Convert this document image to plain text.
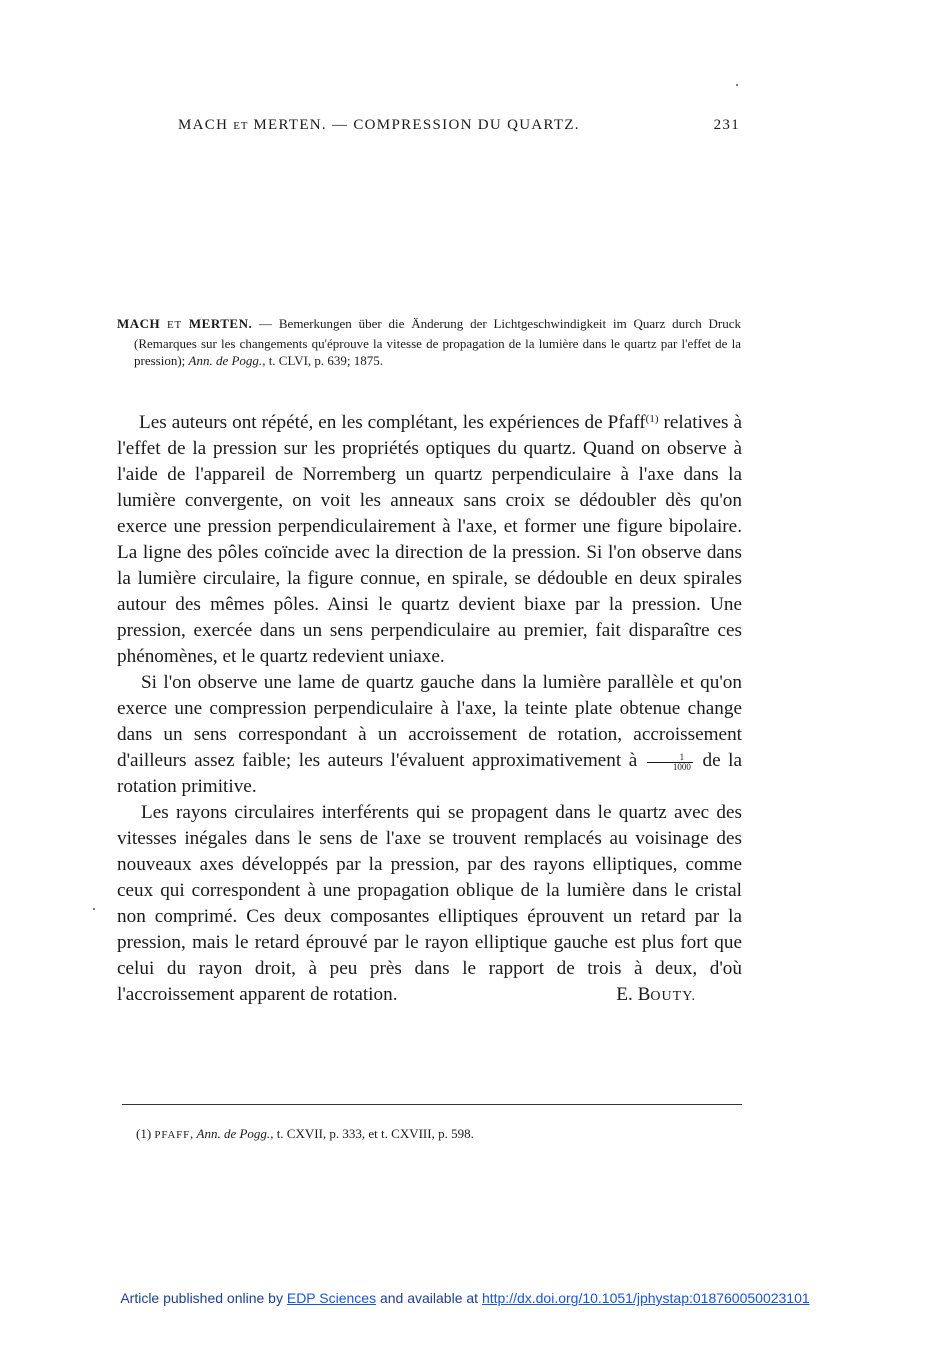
MACH ET MERTEN. — COMPRESSION DU QUARTZ.	231
MACH ET MERTEN. — Bemerkungen über die Änderung der Lichtgeschwindigkeit im Quarz durch Druck (Remarques sur les changements qu'éprouve la vitesse de propagation de la lumière dans le quartz par l'effet de la pression); Ann. de Pogg., t. CLVI, p. 639; 1875.

Les auteurs ont répété, en les complétant, les expériences de Pfaff$^{(1)}$ relatives à l'effet de la pression sur les propriétés optiques du quartz. Quand on observe à l'aide de l'appareil de Norremberg un quartz perpendiculaire à l'axe dans la lumière convergente, on voit les anneaux sans croix se dédoubler dès qu'on exerce une pression perpendiculairement à l'axe, et former une figure bipolaire. La ligne des pôles coïncide avec la direction de la pression. Si l'on observe dans la lumière circulaire, la figure connue, en spirale, se dédouble en deux spirales autour des mêmes pôles. Ainsi le quartz devient biaxe par la pression. Une pression, exercée dans un sens perpendiculaire au premier, fait disparaître ces phénomènes, et le quartz redevient uniaxe.

Si l'on observe une lame de quartz gauche dans la lumière parallèle et qu'on exerce une compression perpendiculaire à l'axe, la teinte plate obtenue change dans un sens correspondant à un accroissement de rotation, accroissement d'ailleurs assez faible; les auteurs l'évaluent approximativement à $\frac{1}{1000}$ de la rotation primitive.

Les rayons circulaires interférents qui se propagent dans le quartz avec des vitesses inégales dans le sens de l'axe se trouvent remplacés au voisinage des nouveaux axes développés par la pression, par des rayons elliptiques, comme ceux qui correspondent à une propagation oblique de la lumière dans le cristal non comprimé. Ces deux composantes elliptiques éprouvent un retard par la pression, mais le retard éprouvé par le rayon elliptique gauche est plus fort que celui du rayon droit, à peu près dans le rapport de trois à deux, d'où l'accroissement apparent de rotation.	E. BOUTY.

(1) PFAFF, Ann. de Pogg., t. CXVII, p. 333, et t. CXVIII, p. 598.
Article published online by EDP Sciences and available at http://dx.doi.org/10.1051/jphystap:018760050023101
